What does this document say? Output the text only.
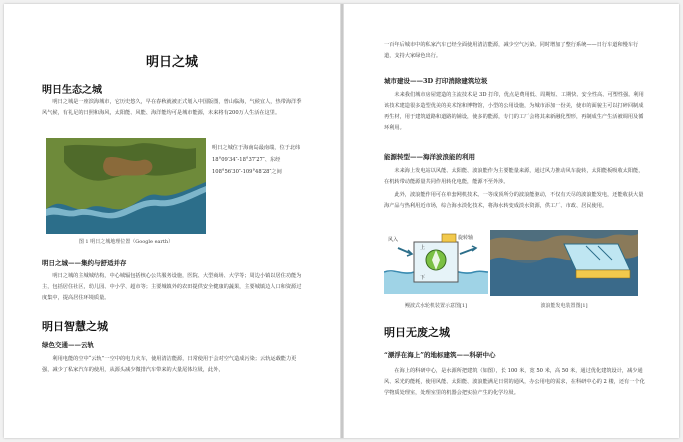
明日之城

明日生态之城

明日之城是一座滨海城市，它历史悠久，早在春秋就被正式划入中国版图，曾山临海，气候宜人，热带海洋季风气候，有礼足的日照和海风，太阳能、风能、海洋能均可是城市能源，未来将有200万人生活在这里。

明日之城位于海南岛最南端，位于北纬 18°09′34″-18°37′27″、东经 108°56′30″-109°48′28″之间

图 1 明日之城地理位置（Google earth）

明日之城——集约与舒适并存

明日之城的主城城结构，中心城辐包括核心公共服务设施，医院、大型商场、大学等；周边小镇以居住功能为主，包括居住社区，幼儿园、中小学、超市等；主要城镇外的农田提供安全健康的蔬果，主要城镇边人口和资源过度集中，提高居住环境质量。

明日智慧之城

绿色交通——云轨

利用电能的空中“云轨”一空中的电力火车，使用清洁能源，日常使用于会对空气造成污染；云轨运载能力更强，减少了私家汽车的使用，从源头减少微排汽车带来的大量尾体垃圾，此外，

一百年后城市中的私家汽车已经全面使用清洁能源，减少空气污染。同时增加了整行系统——日行车道和慢车行道，支持大家绿色出行。

城市建设——3D 打印消除建筑垃圾

未来我们城市房屋建造的主流技术是 3D 打印，优点是费用低、周期短、工期快、安全性高、可塑性强。利用该技术建造很多造型优美的美术馆和博物馆，小型的公用设施，为城市添加一份美，使市的面貌主可以打碎回制成再生材，用于建筑道路和道路的铺设，使多的能源，专门的工厂会将其来新融化塑形，再制成生产生活被调用及循环利用。

能源转型——海洋波浪能的利用

未来海上发电站以风能、太阳能、波浪能作为主要能量来源，通过风力推动风车旋转，太阳能板吸收太阳能，在机转带动能源量共同作用转化电能，能源不至外涉。

此外，波浪能作用可在单套网机技术。一等成顶所分的波浪能驱动，不仅有天尽的波浪能发电，还能收获大量海产品与热利用近市场，综合海水淡化技术，将海水转变成淡水资源，供工厂、市政、居民使用。

风入	旋转轴
上
下

鳗波式水轮机装置示意图[1]	波浪能发电装置图[1]

明日无废之城

“漂浮在海上”的地标建筑——科研中心

在海上的科研中心，是水源所把建筑（如图），长 100 米，宽 50 米，高 50 米，通过优化建筑设计，减少通风、采光的能耗，使用风能、太阳能、波浪能满足日常的通风，办公用电的需求，在科研中心的 2 楼，还有一个化学物质处理室，处理室里的机器会把实验产生的化学垃圾。
